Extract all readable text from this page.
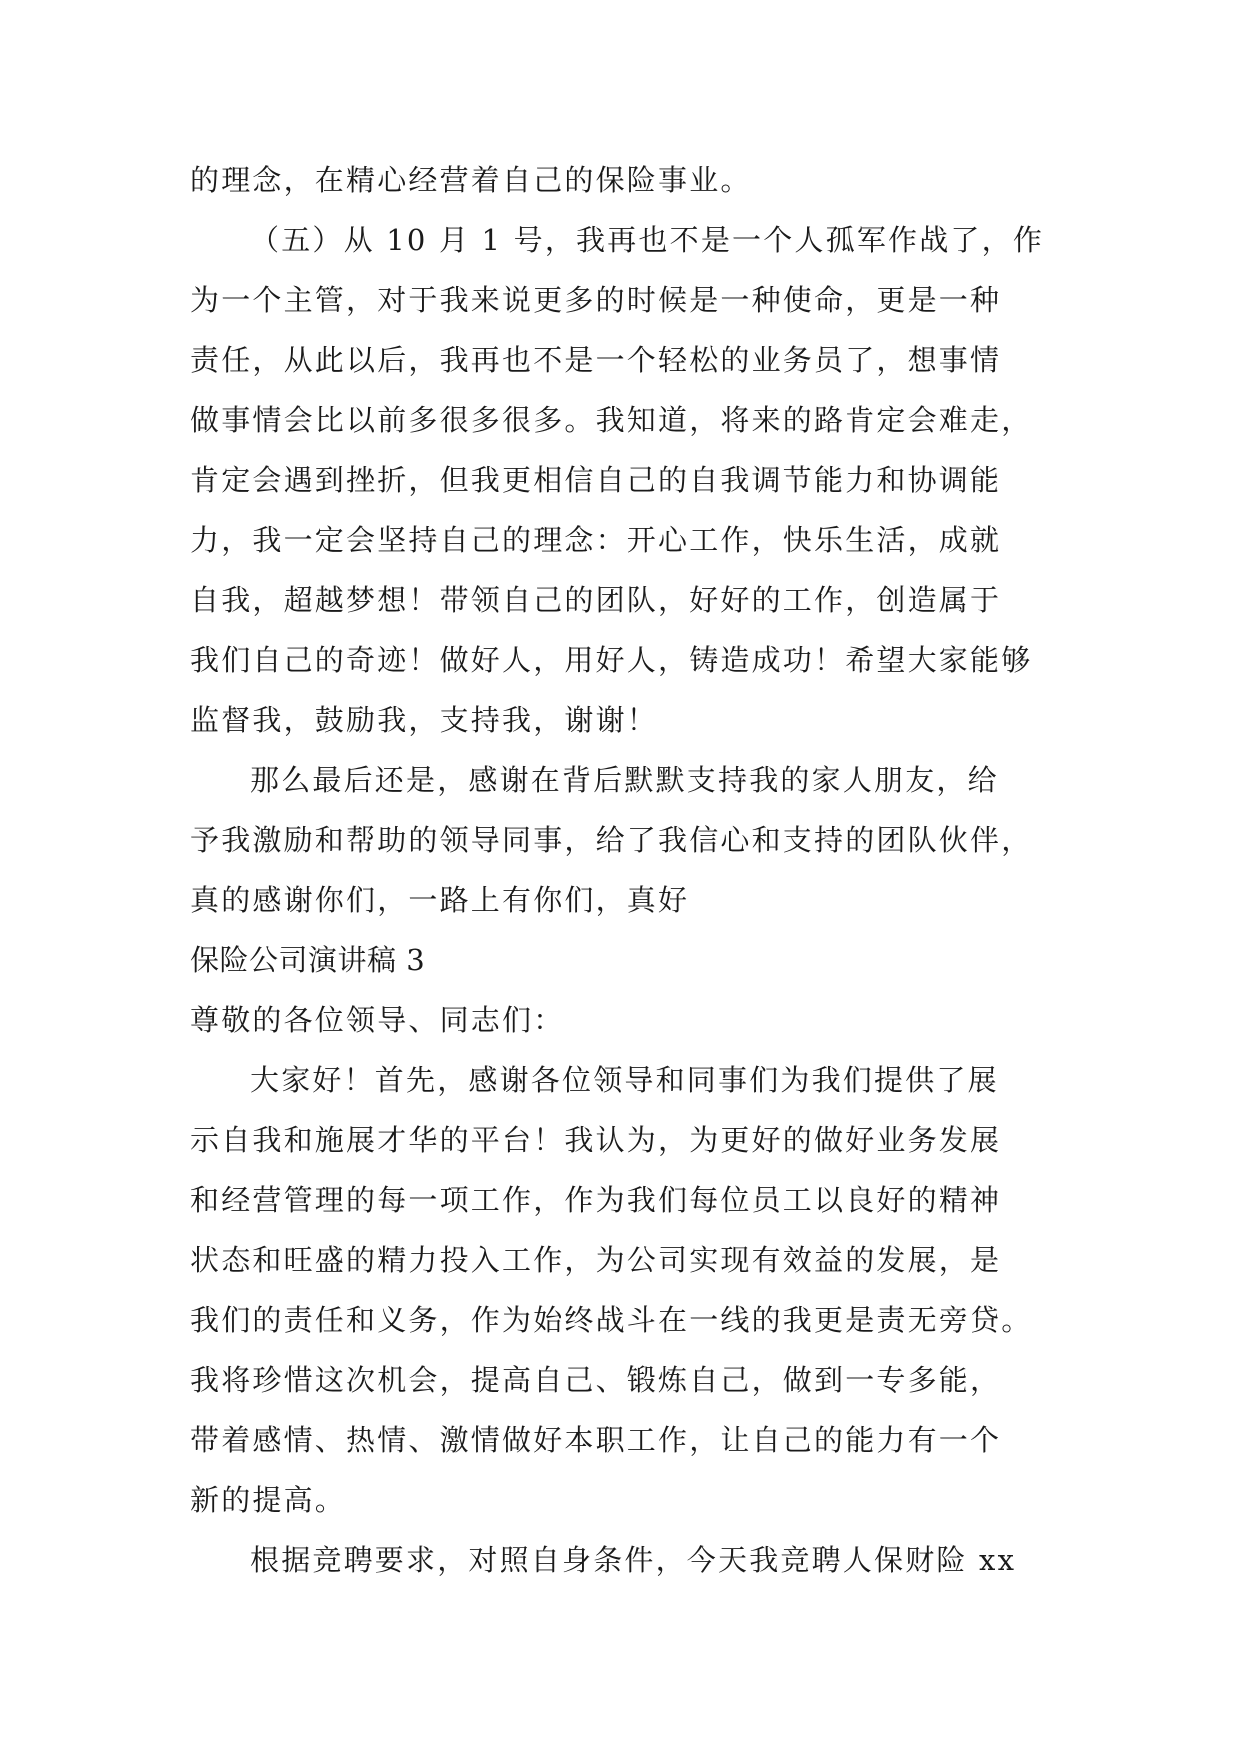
的理念，在精心经营着自己的保险事业。
（五）从 10 月 1 号，我再也不是一个人孤军作战了，作
为一个主管，对于我来说更多的时候是一种使命，更是一种
责任，从此以后，我再也不是一个轻松的业务员了，想事情
做事情会比以前多很多很多。我知道，将来的路肯定会难走，
肯定会遇到挫折，但我更相信自己的自我调节能力和协调能
力，我一定会坚持自己的理念：开心工作，快乐生活，成就
自我，超越梦想！带领自己的团队，好好的工作，创造属于
我们自己的奇迹！做好人，用好人，铸造成功！希望大家能够
监督我，鼓励我，支持我，谢谢！
那么最后还是，感谢在背后默默支持我的家人朋友，给
予我激励和帮助的领导同事，给了我信心和支持的团队伙伴，
真的感谢你们，一路上有你们，真好
保险公司演讲稿 3
尊敬的各位领导、同志们：
大家好！首先，感谢各位领导和同事们为我们提供了展
示自我和施展才华的平台！我认为，为更好的做好业务发展
和经营管理的每一项工作，作为我们每位员工以良好的精神
状态和旺盛的精力投入工作，为公司实现有效益的发展，是
我们的责任和义务，作为始终战斗在一线的我更是责无旁贷。
我将珍惜这次机会，提高自己、锻炼自己，做到一专多能，
带着感情、热情、激情做好本职工作，让自己的能力有一个
新的提高。
根据竞聘要求，对照自身条件，今天我竞聘人保财险 xx
